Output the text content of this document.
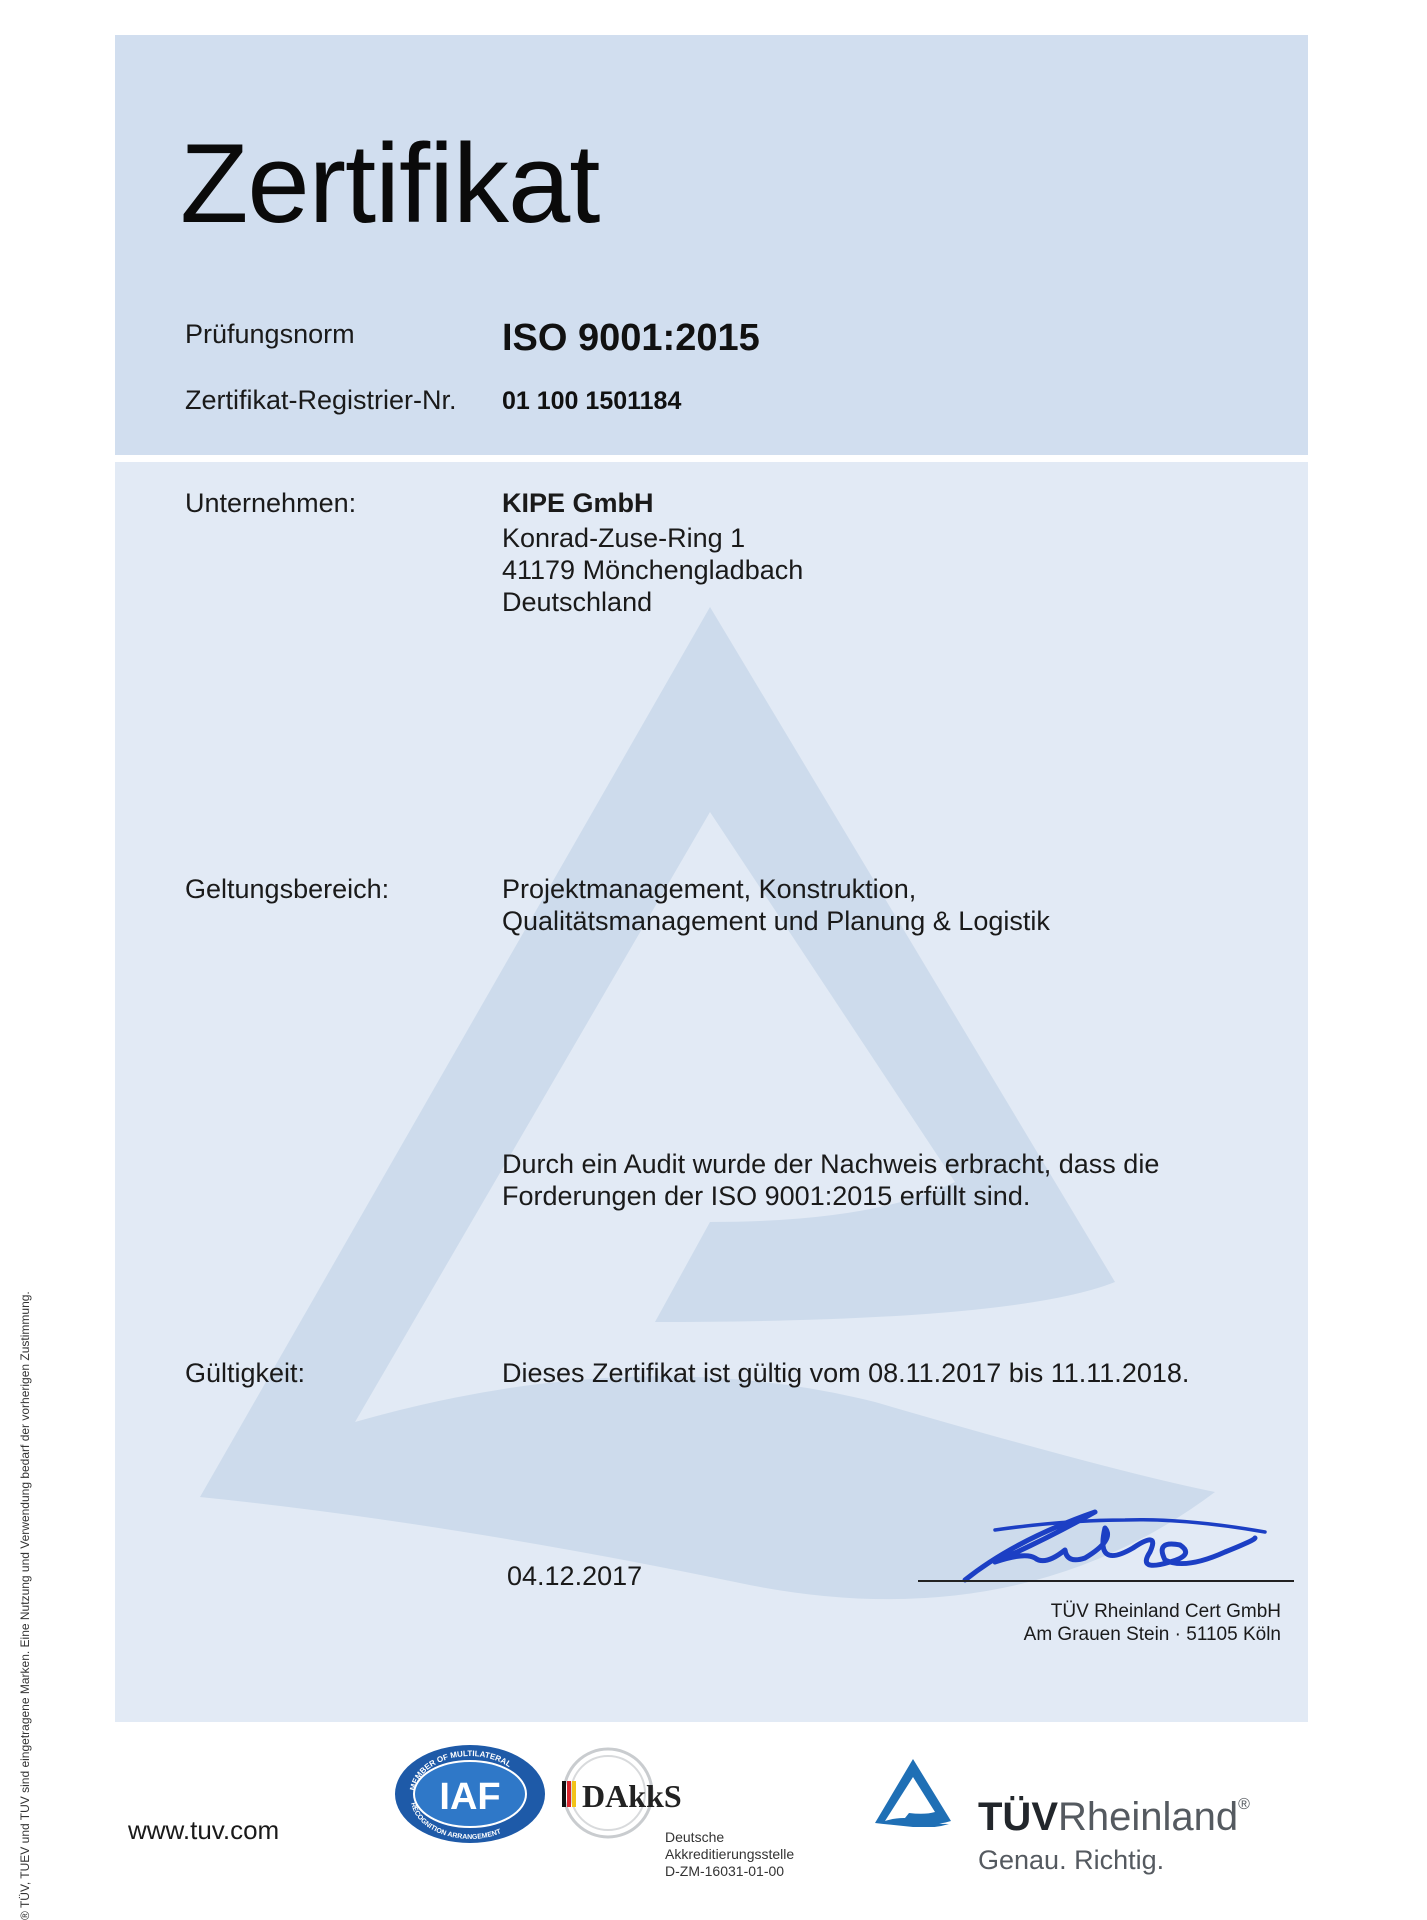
Zertifikat
Prüfungsnorm	ISO 9001:2015
Zertifikat-Registrier-Nr. 01 100 1501184
Unternehmen:	KIPE GmbH
Konrad-Zuse-Ring 1
41179 Mönchengladbach
Deutschland
Geltungsbereich:	Projektmanagement, Konstruktion,
Qualitätsmanagement und Planung & Logistik
Durch ein Audit wurde der Nachweis erbracht, dass die
Forderungen der ISO 9001:2015 erfüllt sind.
Gültigkeit:	Dieses Zertifikat ist gültig vom 08.11.2017 bis 11.11.2018.
04.12.2017
TÜV Rheinland Cert GmbH
Am Grauen Stein · 51105 Köln
www.tuv.com
MEMBER OF MULTILATERAL
RECOGNITION ARRANGEMENT
IAF	DAkkS
Deutsche
Akkreditierungsstelle
D-ZM-16031-01-00
TÜVRheinland®
Genau. Richtig.
® TÜV, TUEV und TUV sind eingetragene Marken. Eine Nutzung und Verwendung bedarf der vorherigen Zustimmung.
